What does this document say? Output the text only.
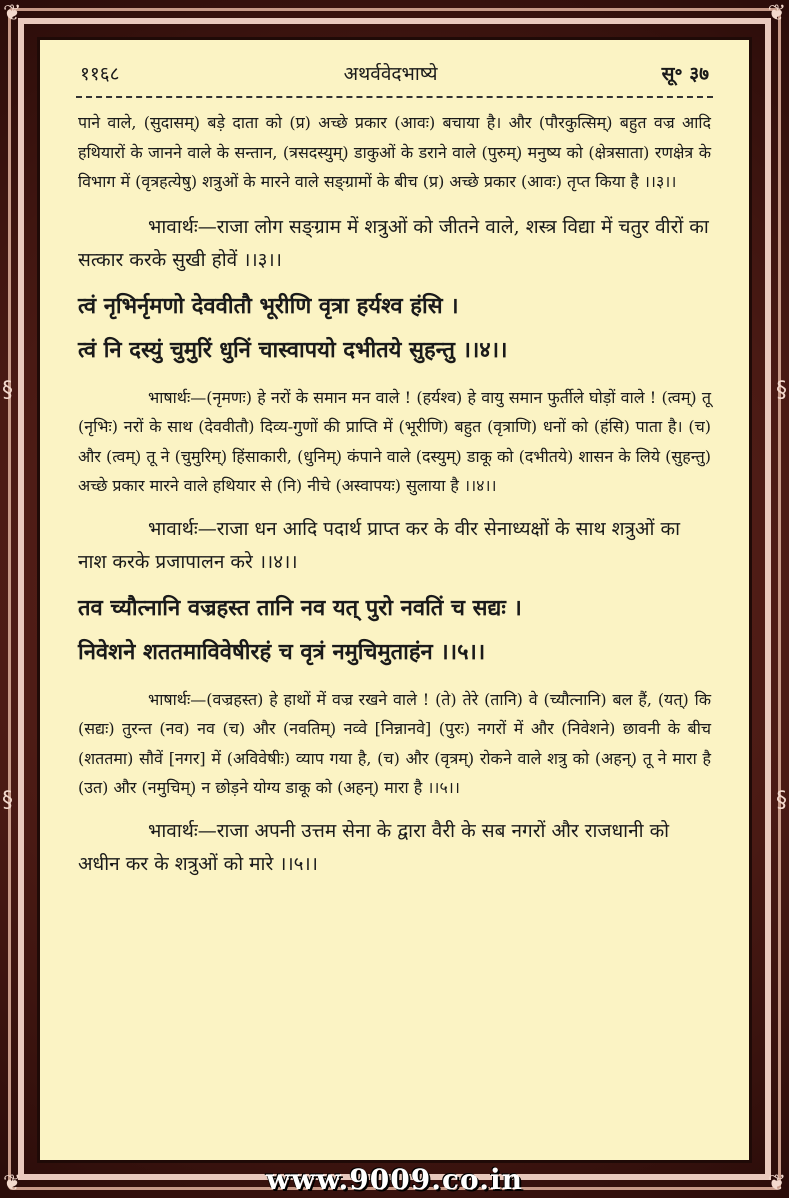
❦	❦
❦	❦
§
§
§
§
११६८	अथर्ववेदभाष्ये	सू॰ ३७

पाने वाले, (सुदासम्) बड़े दाता को (प्र) अच्छे प्रकार (आवः) बचाया है। और (पौरकुत्सिम्) बहुत वज्र आदि हथियारों के जानने वाले के सन्तान, (त्रसदस्युम्) डाकुओं के डराने वाले (पुरुम्) मनुष्य को (क्षेत्रसाता) रणक्षेत्र के विभाग में (वृत्रहत्येषु) शत्रुओं के मारने वाले सङ्ग्रामों के बीच (प्र) अच्छे प्रकार (आवः) तृप्त किया है ।।३।।

भावार्थः—राजा लोग सङ्ग्राम में शत्रुओं को जीतने वाले, शस्त्र विद्या में चतुर वीरों का सत्कार करके सुखी होवें ।।३।।

त्वं नृभिर्नृमणो देववीतौ भूरीणि वृत्रा हर्यश्व हंसि ।

त्वं नि दस्युं चुमुरिं धुनिं चास्वापयो दभीतये सुहन्तु ।।४।।

भाषार्थः—(नृमणः) हे नरों के समान मन वाले ! (हर्यश्व) हे वायु समान फुर्तीले घोड़ों वाले ! (त्वम्) तू (नृभिः) नरों के साथ (देववीतौ) दिव्य-गुणों की प्राप्ति में (भूरीणि) बहुत (वृत्राणि) धनों को (हंसि) पाता है। (च) और (त्वम्) तू ने (चुमुरिम्) हिंसाकारी, (धुनिम्) कंपाने वाले (दस्युम्) डाकू को (दभीतये) शासन के लिये (सुहन्तु) अच्छे प्रकार मारने वाले हथियार से (नि) नीचे (अस्वापयः) सुलाया है ।।४।।

भावार्थः—राजा धन आदि पदार्थ प्राप्त कर के वीर सेनाध्यक्षों के साथ शत्रुओं का नाश करके प्रजापालन करे ।।४।।

तव च्यौत्नानि वज्रहस्त तानि नव यत् पुरो नवतिं च सद्यः ।

निवेशने शततमाविवेषीरहं च वृत्रं नमुचिमुताहंन ।।५।।

भाषार्थः—(वज्रहस्त) हे हाथों में वज्र रखने वाले ! (ते) तेरे (तानि) वे (च्यौत्नानि) बल हैं, (यत्) कि (सद्यः) तुरन्त (नव) नव (च) और (नवतिम्) नव्वे [निन्नानवे] (पुरः) नगरों में और (निवेशने) छावनी के बीच (शततमा) सौवें [नगर] में (अविवेषीः) व्याप गया है, (च) और (वृत्रम्) रोकने वाले शत्रु को (अहन्) तू ने मारा है (उत) और (नमुचिम्) न छोड़ने योग्य डाकू को (अहन्) मारा है ।।५।।

भावार्थः—राजा अपनी उत्तम सेना के द्वारा वैरी के सब नगरों और राजधानी को अधीन कर के शत्रुओं को मारे ।।५।।

www.9009.co.in
